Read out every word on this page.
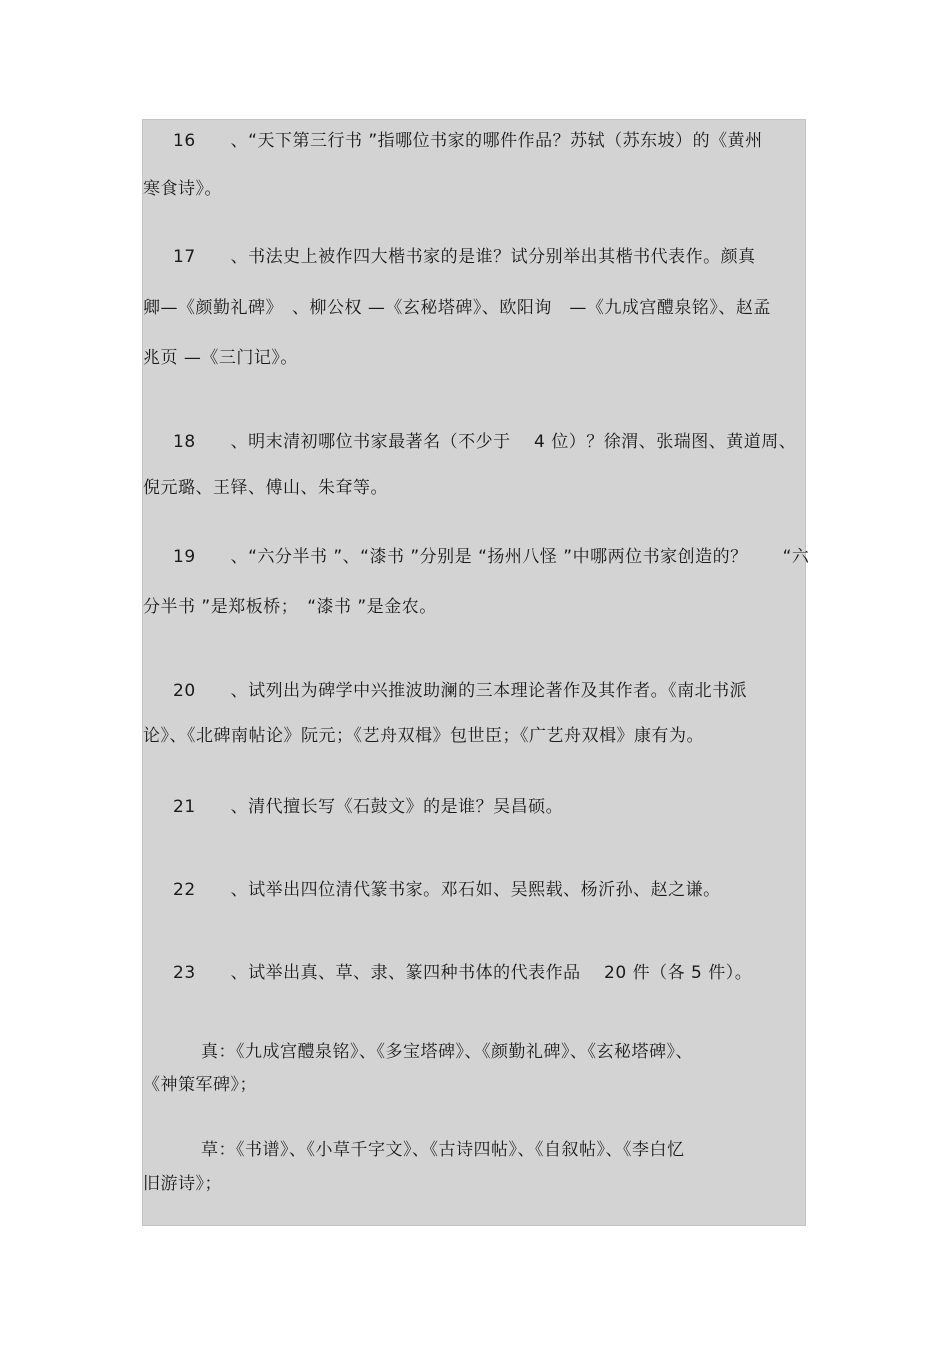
16　　、“天下第三行书 ”指哪位书家的哪件作品？苏轼（苏东坡）的《黄州
寒食诗》。
17　　、书法史上被作四大楷书家的是谁？试分别举出其楷书代表作。颜真
卿—《颜勤礼碑》　、柳公权 —《玄秘塔碑》、欧阳询　—《九成宫醴泉铭》、赵孟
兆页 —《三门记》。
18　　、明末清初哪位书家最著名（不少于　 4 位）？徐渭、张瑞图、黄道周、
倪元璐、王铎、傅山、朱耷等。
19　　、“六分半书 ”、“漆书 ”分别是 “扬州八怪 ”中哪两位书家创造的？　　“六
分半书 ”是郑板桥；　“漆书 ”是金农。
20　　、试列出为碑学中兴推波助澜的三本理论著作及其作者。《南北书派
论》、《北碑南帖论》阮元；《艺舟双楫》包世臣；《广艺舟双楫》康有为。
21　　、清代擅长写《石鼓文》的是谁？吴昌硕。
22　　、试举出四位清代篆书家。邓石如、吴熙载、杨沂孙、赵之谦。
23　　、试举出真、草、隶、篆四种书体的代表作品　 20 件（各 5 件）。
真：《九成宫醴泉铭》、《多宝塔碑》、《颜勤礼碑》、《玄秘塔碑》、
《神策军碑》；
草：《书谱》、《小草千字文》、《古诗四帖》、《自叙帖》、《李白忆
旧游诗》；
